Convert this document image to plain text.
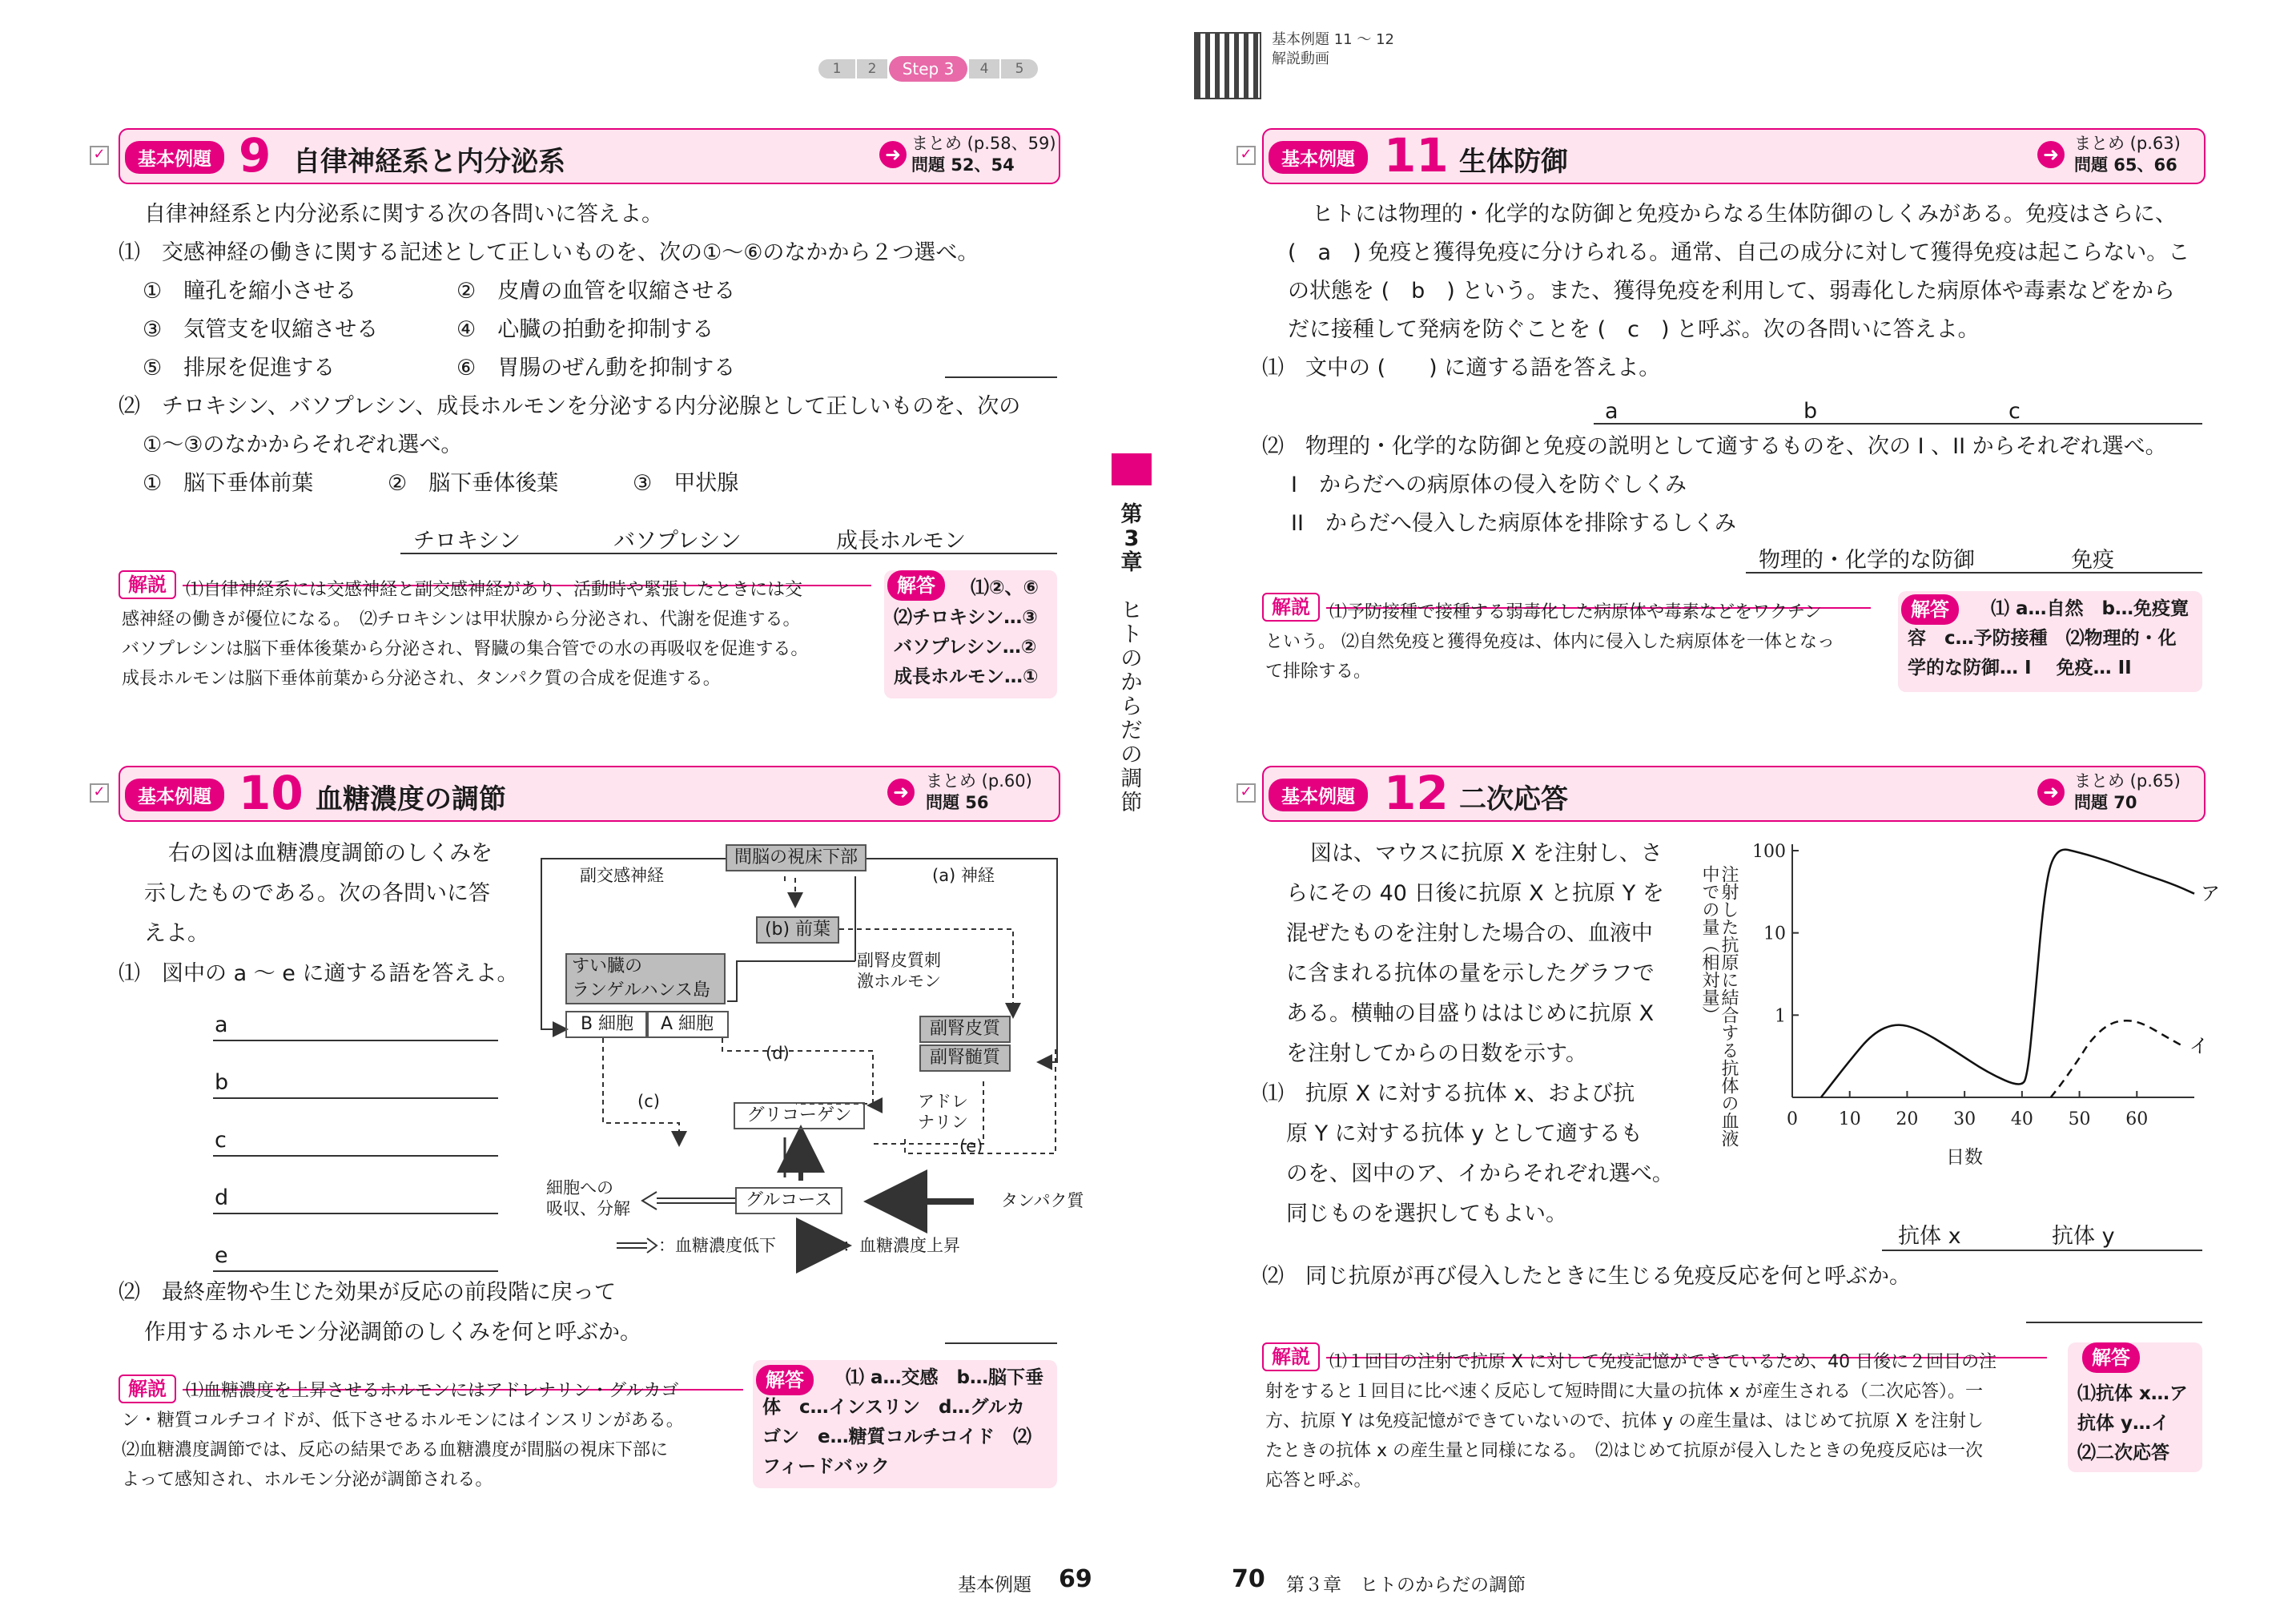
1	2	Step 3	4	5
基本例題 11 〜 12
解説動画
第
3
章

ヒ
ト
の
か
ら
だ
の
調
節
✓	基本例題 9 自律神経系と内分泌系	➜ まとめ (p.58、59)
問題 52、54
自律神経系と内分泌系に関する次の各問いに答えよ。
⑴　交感神経の働きに関する記述として正しいものを、次の①〜⑥のなかから２つ選べ。
①　瞳孔を縮小させる	②　皮膚の血管を収縮させる
③　気管支を収縮させる	④　心臓の拍動を抑制する
⑤　排尿を促進する	⑥　胃腸のぜん動を抑制する
⑵　チロキシン、バソプレシン、成長ホルモンを分泌する内分泌腺として正しいものを、次の
①〜③のなかからそれぞれ選べ。
①　脳下垂体前葉	②　脳下垂体後葉	③　甲状腺
チロキシン	バソプレシン	成長ホルモン
解説	⑴自律神経系には交感神経と副交感神経があり、活動時や緊張したときには交
感神経の働きが優位になる。　⑵チロキシンは甲状腺から分泌され、代謝を促進する。
バソプレシンは脳下垂体後葉から分泌され、腎臓の集合管での水の再吸収を促進する。
成長ホルモンは脳下垂体前葉から分泌され、タンパク質の合成を促進する。
⑴②、⑥
⑵チロキシン…③
バソプレシン…②
成長ホルモン…①
解答
✓	基本例題 10 血糖濃度の調節	➜ まとめ (p.60)
問題 56
右の図は血糖濃度調節のしくみを
示したものである。次の各問いに答
えよ。
⑴　図中の a 〜 e に適する語を答えよ。
a
b
c
d
e
間脳の視床下部
(b) 前葉
すい臓の
ランゲルハンス島
B 細胞	A 細胞	副腎皮質
副腎髄質
グリコーゲン
グルコース
副交感神経	(a) 神経
副腎皮質刺
激ホルモン
(d)
(c)	アドレ
ナリン
(e)
タンパク質
細胞への
吸収、分解
：血糖濃度低下	：血糖濃度上昇
⑵　最終産物や生じた効果が反応の前段階に戻って
作用するホルモン分泌調節のしくみを何と呼ぶか。
解説	⑴血糖濃度を上昇させるホルモンにはアドレナリン・グルカゴ
ン・糖質コルチコイドが、低下させるホルモンにはインスリンがある。
⑵血糖濃度調節では、反応の結果である血糖濃度が間脳の視床下部に
よって感知され、ホルモン分泌が調節される。
⑴ a…交感　b…脳下垂
体　c…インスリン　d…グルカ
ゴン　e…糖質コルチコイド　⑵
フィードバック
解答
✓	基本例題 11 生体防御	➜ まとめ (p.63)
問題 65、66
ヒトには物理的・化学的な防御と免疫からなる生体防御のしくみがある。免疫はさらに、
(　a　) 免疫と獲得免疫に分けられる。通常、自己の成分に対して獲得免疫は起こらない。こ
の状態を (　b　) という。また、獲得免疫を利用して、弱毒化した病原体や毒素などをから
だに接種して発病を防ぐことを (　c　) と呼ぶ。次の各問いに答えよ。
⑴　文中の (　　) に適する語を答えよ。
a	b	c
⑵　物理的・化学的な防御と免疫の説明として適するものを、次の I 、II からそれぞれ選べ。
I　からだへの病原体の侵入を防ぐしくみ
II　からだへ侵入した病原体を排除するしくみ
物理的・化学的な防御	免疫
解説	⑴予防接種で接種する弱毒化した病原体や毒素などをワクチン
という。 ⑵自然免疫と獲得免疫は、体内に侵入した病原体を一体となっ
て排除する。
⑴ a…自然　b…免疫寛
容　c…予防接種　⑵物理的・化
学的な防御… I 　免疫… II
解答
✓	基本例題 12 二次応答	➜ まとめ (p.65)
問題 70
図は、マウスに抗原 X を注射し、さ
らにその 40 日後に抗原 X と抗原 Y を
混ぜたものを注射した場合の、血液中
に含まれる抗体の量を示したグラフで
ある。横軸の目盛りははじめに抗原 X
を注射してからの日数を示す。
⑴　抗原 X に対する抗体 x、および抗
原 Y に対する抗体 y として適するも
のを、図中のア、イからそれぞれ選べ。
同じものを選択してもよい。
注射した抗原に結合する抗体の血液中での量（相対量）
0 10 20 30 40 50 60
1
10
100
ア
イ
日数
抗体 x	抗体 y
⑵　同じ抗原が再び侵入したときに生じる免疫反応を何と呼ぶか。
解説	⑴１回目の注射で抗原 X に対して免疫記憶ができているため、40 日後に２回目の注
射をすると１回目に比べ速く反応して短時間に大量の抗体 x が産生される（二次応答）。一
方、抗原 Y は免疫記憶ができていないので、抗体 y の産生量は、はじめて抗原 X を注射し
たときの抗体 x の産生量と同様になる。　⑵はじめて抗原が侵入したときの免疫反応は一次
応答と呼ぶ。
⑴抗体 x…ア
抗体 y…イ
⑵二次応答
解答
基本例題 69	70 第３章　ヒトのからだの調節
